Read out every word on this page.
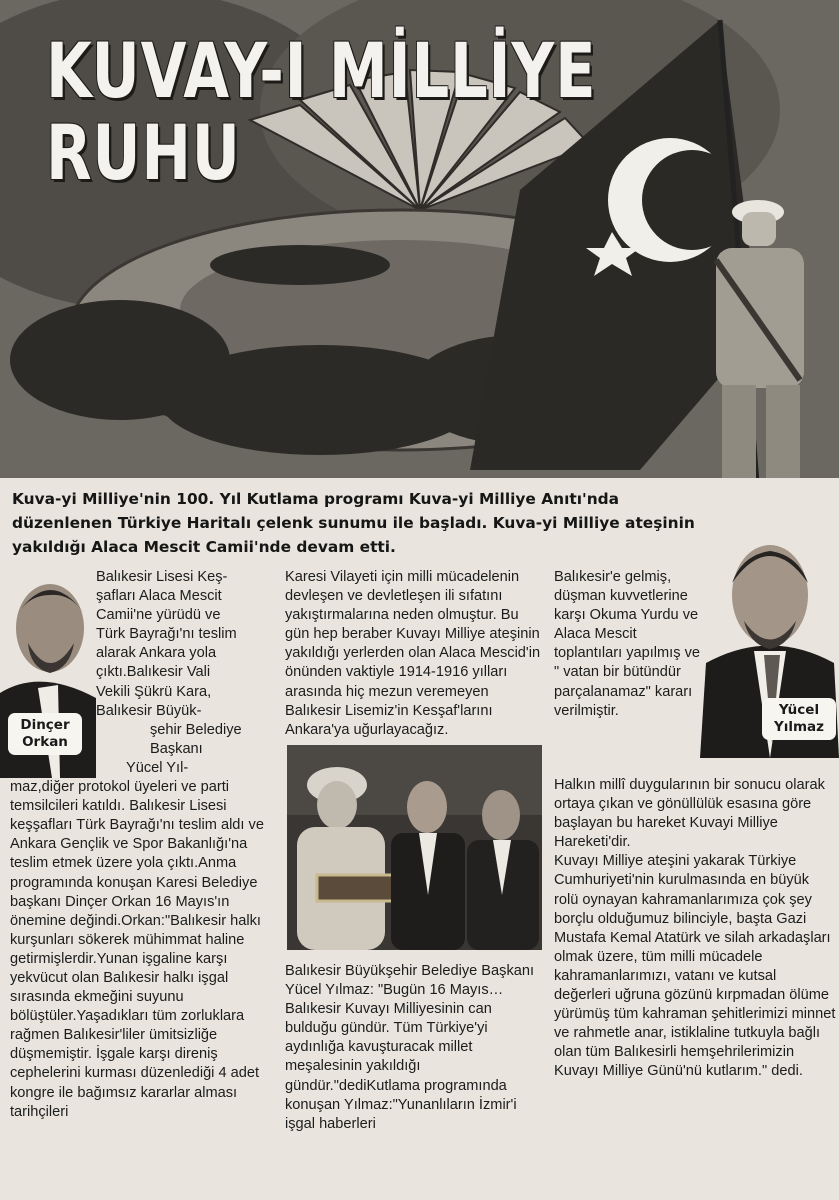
KUVAY-I MİLLİYE
RUHU

Kuva-yi Milliye'nin 100. Yıl Kutlama programı Kuva-yi Milliye Anıtı'nda düzenlenen Türkiye Haritalı çelenk sunumu ile başladı. Kuva-yi Milliye ateşinin yakıldığı Alaca Mescit Camii'nde devam etti.

Dinçer
Orkan
Yücel
Yılmaz

Balıkesir Lisesi Keş-

şafları Alaca Mescit

Camii'ne yürüdü ve

Türk Bayrağı'nı teslim

alarak Ankara yola

çıktı.Balıkesir Vali

Vekili Şükrü Kara,

Balıkesir Büyük-

şehir Belediye

Başkanı

Yücel Yıl-

maz,diğer protokol üyeleri ve parti temsilcileri katıldı. Balıkesir Lisesi keşşafları Türk Bayrağı'nı teslim aldı ve Ankara Gençlik ve Spor Bakanlığı'na teslim etmek üzere yola çıktı.Anma programında konuşan Karesi Belediye başkanı Dinçer Orkan 16 Mayıs'ın önemine değindi.Orkan:"Balıkesir halkı kurşunları sökerek mühimmat haline getirmişlerdir.Yunan işgaline karşı yekvücut olan Balıkesir halkı işgal sırasında ekmeğini suyunu bölüştüler.Yaşadıkları tüm zorluklara rağmen Balıkesir'liler ümitsizliğe düşmemiştir. İşgale karşı direniş cephelerini kurması düzenlediği 4 adet kongre ile bağımsız kararlar alması tarihçileri

Karesi Vilayeti için milli mücadelenin devleşen ve devletleşen ili sıfatını yakıştırmalarına neden olmuştur. Bu gün hep beraber Kuvayı Milliye ateşinin yakıldığı yerlerden olan Alaca Mescid'in önünden vaktiyle 1914-1916 yılları arasında hiç mezun veremeyen Balıkesir Lisemiz'in Kesşaf'larını Ankara'ya uğurlayacağız.

Balıkesir Büyükşehir Belediye Başkanı Yücel Yılmaz: "Bugün 16 Mayıs… Balıkesir Kuvayı Milliyesinin can bulduğu gündür. Tüm Türkiye'yi aydınlığa kavuşturacak millet meşalesinin yakıldığı gündür."dediKutlama programında konuşan Yılmaz:"Yunanlıların İzmir'i işgal haberleri

Balıkesir'e gelmiş, düşman kuvvetlerine karşı Okuma Yurdu ve Alaca Mescit toplantıları yapılmış ve " vatan bir bütündür parçalanamaz" kararı verilmiştir.

Halkın millî duygularının bir sonucu olarak ortaya çıkan ve gönüllülük esasına göre başlayan bu hareket Kuvayi Milliye Hareketi'dir.

Kuvayı Milliye ateşini yakarak Türkiye Cumhuriyeti'nin kurulmasında en büyük rolü oynayan kahramanlarımıza çok şey borçlu olduğumuz bilinciyle, başta Gazi Mustafa Kemal Atatürk ve silah arkadaşları olmak üzere, tüm milli mücadele kahramanlarımızı, vatanı ve kutsal değerleri uğruna gözünü kırpmadan ölüme yürümüş tüm kahraman şehitlerimizi minnet ve rahmetle anar, istiklaline tutkuyla bağlı olan tüm Balıkesirli hemşehrilerimizin Kuvayı Milliye Günü'nü kutlarım." dedi.
